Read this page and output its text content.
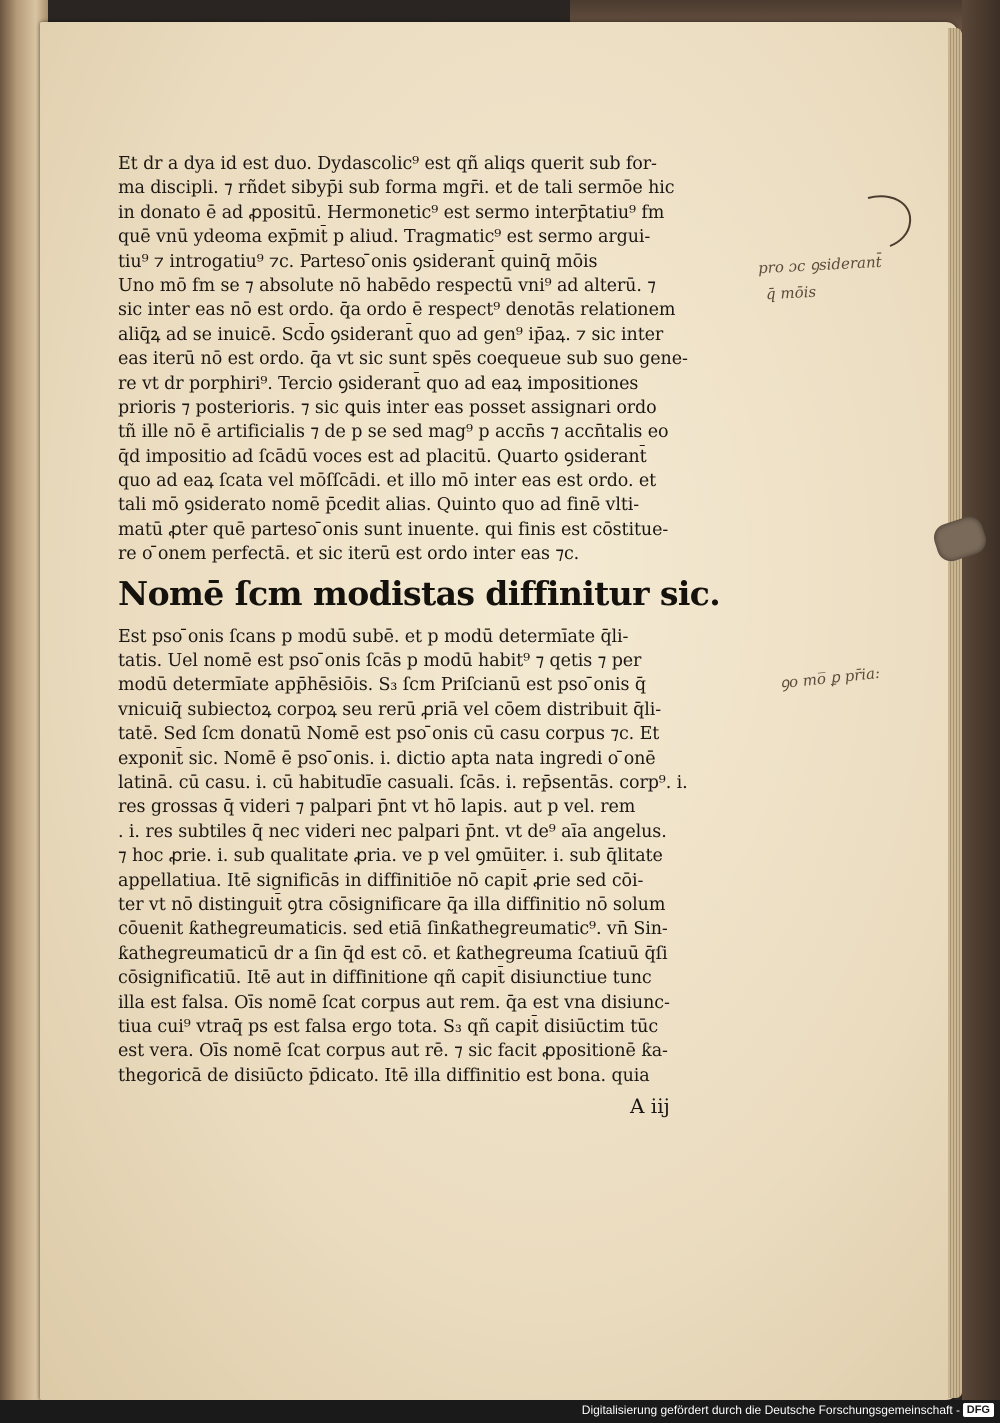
Et dr a dya id est duo. Dydascolic⁹ est qñ aliqs querit sub for-
ma discipli. ⁊ rñdet sibyp̄i sub forma mgr̄i. et de tali sermōe hic
in donato ē ad ꝓpositū. Hermonetic⁹ est sermo interp̄tatiu⁹ fm
quē vnū ydeoma exp̄mit̄ p aliud. Tragmatic⁹ est sermo argui-
tiu⁹ ⁊ introgatiu⁹ ⁊c. Parteso ̄onis ꝯsiderant̄ quinq̄ mōis
Uno mō fm se ⁊ absolute nō habēdo respectū vni⁹ ad alterū. ⁊
sic inter eas nō est ordo. q̄a ordo ē respect⁹ denotās relationem
aliq̄ꝝ ad se inuicē. Scd̄o ꝯsiderant̄ quo ad gen⁹ ip̄aꝝ. ⁊ sic inter
eas iterū nō est ordo. q̄a vt sic sunt spēs coequeue sub suo gene-
re vt dr porphiri⁹. Tercio ꝯsiderant̄ quo ad eaꝝ impositiones
prioris ⁊ posterioris. ⁊ sic ꝗuis inter eas posset assignari ordo
tñ ille nō ē artificialis ⁊ de p se sed mag⁹ p accn̄s ⁊ accn̄talis eo
q̄d impositio ad ſcādū voces est ad placitū. Quarto ꝯsiderant̄
quo ad eaꝝ ſcata vel mōſſcādi. et illo mō inter eas est ordo. et
tali mō ꝯsiderato nomē p̄cedit alias. Quinto quo ad finē vlti-
matū ꝓter quē parteso ̄onis sunt inuente. qui finis est cōstitue-
re o ̄onem perfectā. et sic iterū est ordo inter eas ⁊c.
Nomē ſcm modistas diffinitur sic.
Est pso ̄onis ſcans p modū subē. et p modū determīate q̄li-
tatis. Uel nomē est pso ̄onis ſcās p modū habit⁹ ⁊ qetis ⁊ per
modū determīate app̄hēsiōis. S₃ ſcm Priſcianū est pso ̄onis q̄
vnicuiq̄ subiectoꝝ corpoꝝ seu rerū ꝓriā vel cōem distribuit q̄li-
tatē. Sed ſcm donatū Nomē est pso ̄onis cū casu corpus ⁊c. Et
exponit̄ sic. Nomē ē pso ̄onis. i. dictio apta nata ingredi o ̄onē
latinā. cū casu. i. cū habitudīe casuali. ſcās. i. rep̄sentās. corp⁹. i.
res grossas q̄ videri ⁊ palpari p̄nt vt hō lapis. aut p vel. rem
. i. res subtiles q̄ nec videri nec palpari p̄nt. vt de⁹ aīa angelus.
⁊ hoc ꝓrie. i. sub qualitate ꝓria. ve p vel ꝯmūiter. i. sub q̄litate
appellatiua. Itē significās in diffinitiōe nō capit̄ ꝓrie sed cōi-
ter vt nō distinguit̄ ꝯtra cōsignificare q̄a illa diffinitio nō solum
cōuenit ƙathegreumaticis. sed etiā ſinƙathegreumatic⁹. vn̄ Sin-
ƙathegreumaticū dr a ſin q̄d est cō. et ƙathegreuma ſcatiuū q̄ſi
cōsignificatiū. Itē aut in diffinitione qñ capit̄ disiunctiue tunc
illa est falsa. Oīs nomē ſcat corpus aut rem. q̄a est vna disiunc-
tiua cui⁹ vtraq̄ ps est falsa ergo tota. S₃ qñ capit̄ disiūctim tūc
est vera. Oīs nomē ſcat corpus aut rē. ⁊ sic facit ꝓpositionē ƙa-
thegoricā de disiūcto p̄dicato. Itē illa diffinitio est bona. quia
A iij
pro ɔc ꝯsiderant̄
q̄ mōis
ꝯo mo̅ ꝑ pr̄ia:
Digitalisierung gefördert durch die Deutsche Forschungsgemeinschaft - DFG
